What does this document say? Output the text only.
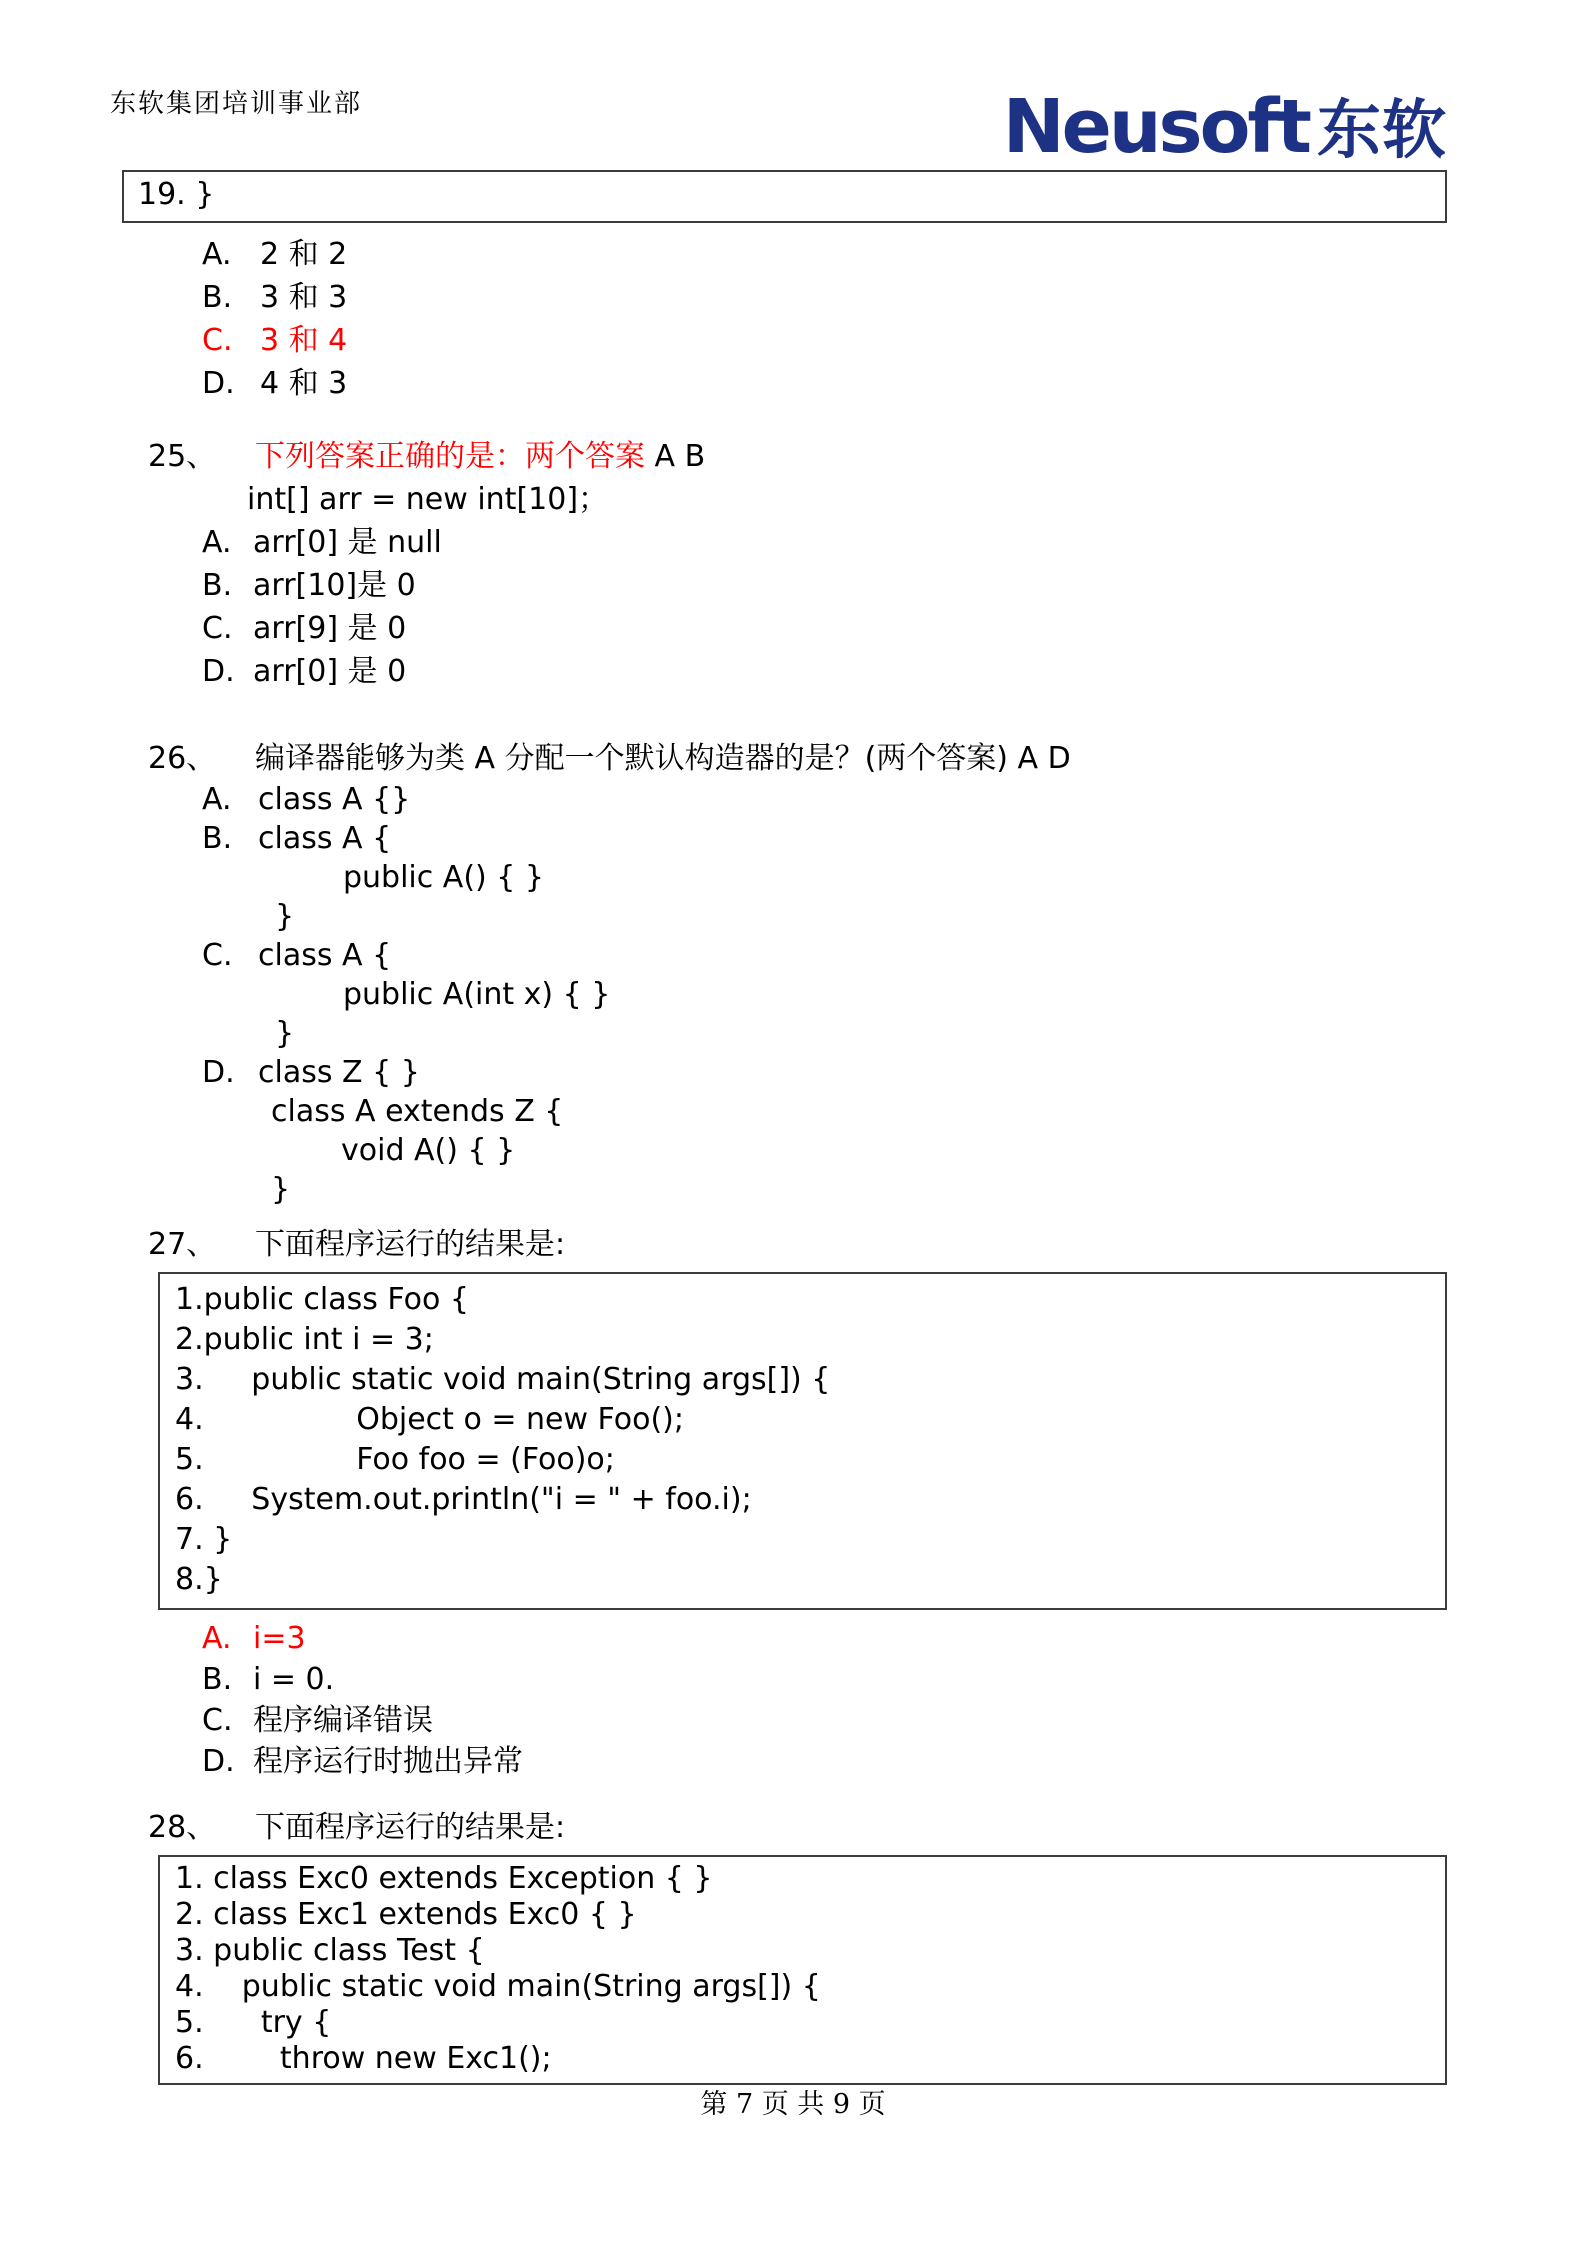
东软集团培训事业部	Neusoft 东软
19. }
A. 2 和 2
B. 3 和 3
C. 3 和 4
D. 4 和 3
25、	下列答案正确的是：两个答案 A B
int[] arr = new int[10]；
A. arr[0] 是 null
B. arr[10]是 0
C. arr[9] 是 0
D. arr[0] 是 0
26、	编译器能够为类 A 分配一个默认构造器的是？(两个答案) A D
A. class A {}
B. class A {
public A() { }
}
C. class A {
public A(int x) { }
}
D. class Z { }
class A extends Z {
void A() { }
}
27、	下面程序运行的结果是:
1.public class Foo {
2.public int i = 3;
3.     public static void main(String args[]) {
4.                Object o = new Foo();
5.                Foo foo = (Foo)o;
6.     System.out.println("i = " + foo.i);
7. }
8.}
A. i=3
B. i = 0.
C. 程序编译错误
D. 程序运行时抛出异常
28、	下面程序运行的结果是:
1. class Exc0 extends Exception { }
2. class Exc1 extends Exc0 { }
3. public class Test {
4.    public static void main(String args[]) {
5.      try {
6.        throw new Exc1();
第 7 页 共 9 页
